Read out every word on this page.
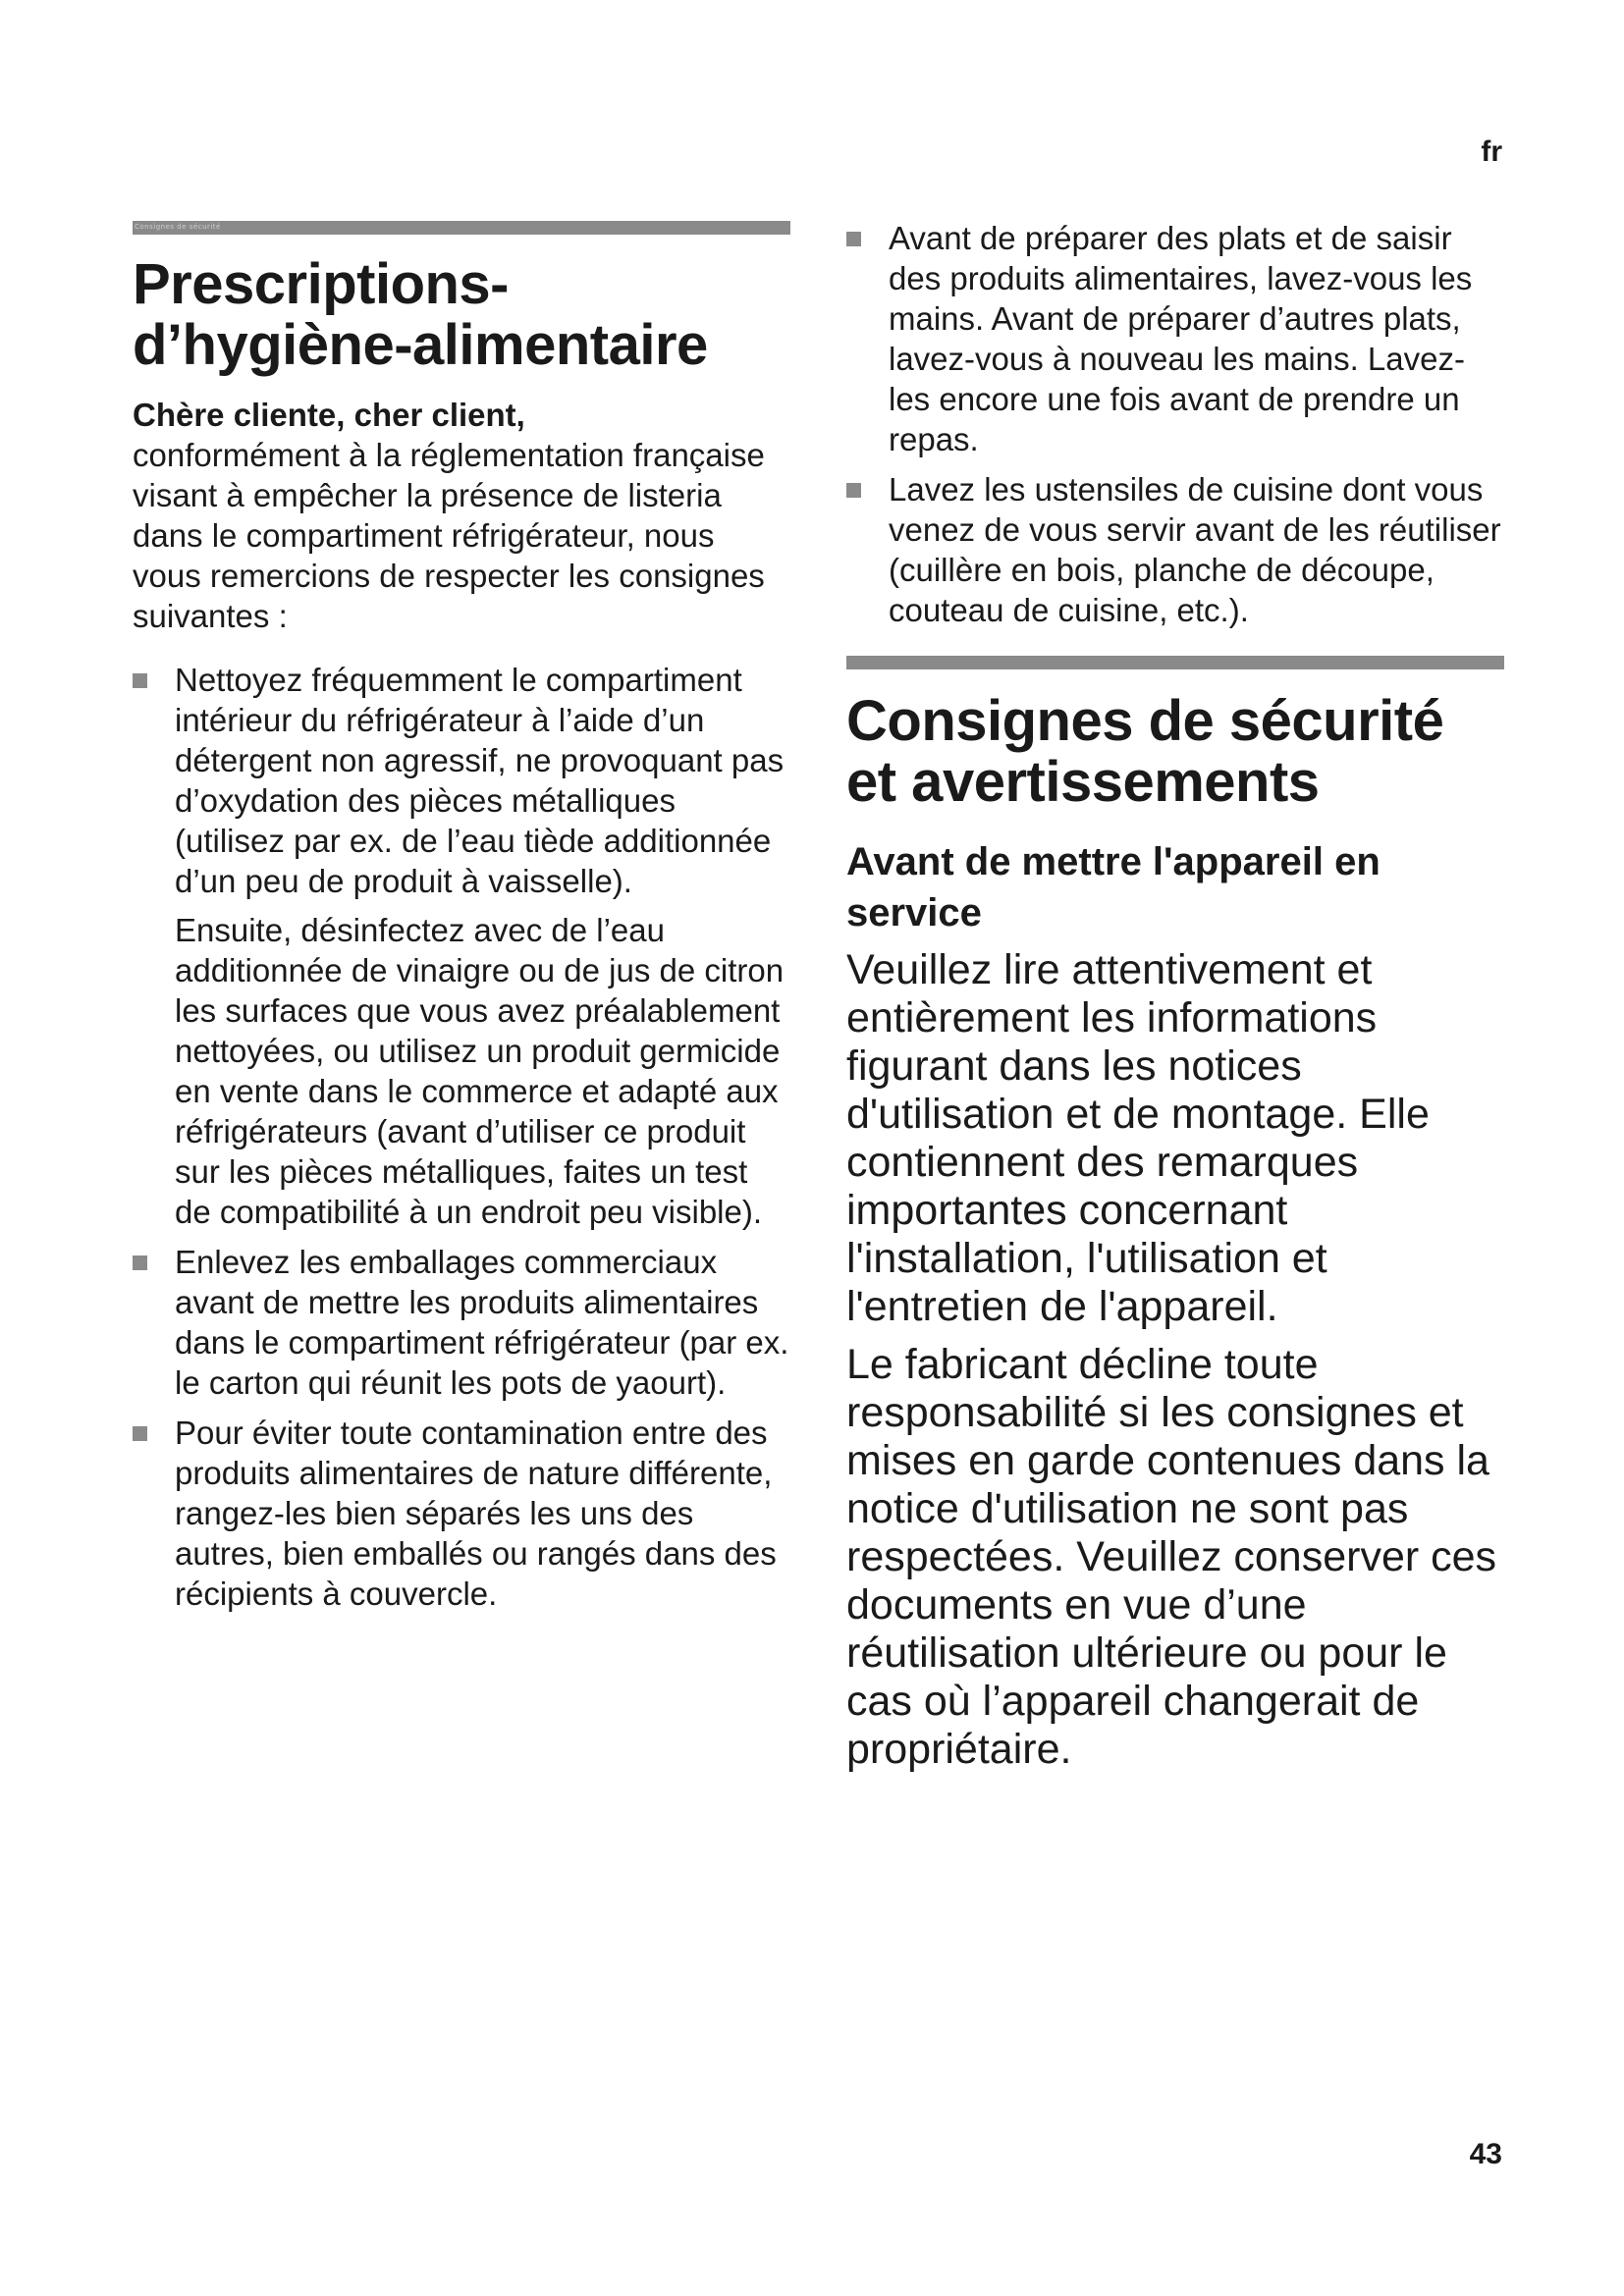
fr
Consignes de sécurité
Prescriptions-
d’hygiène-alimentaire
Chère cliente, cher client,
conformément à la réglementation française visant à empêcher la présence de listeria dans le compartiment réfrigérateur, nous vous remercions de respecter les consignes suivantes :

Nettoyez fréquemment le compartiment intérieur du réfrigérateur à l’aide d’un détergent non agressif, ne provoquant pas d’oxydation des pièces métalliques (utilisez par ex. de l’eau tiède additionnée d’un peu de produit à vaisselle).

Ensuite, désinfectez avec de l’eau additionnée de vinaigre ou de jus de citron les surfaces que vous avez préalablement nettoyées, ou utilisez un produit germicide en vente dans le commerce et adapté aux réfrigérateurs (avant d’utiliser ce produit sur les pièces métalliques, faites un test de compatibilité à un endroit peu visible).

Enlevez les emballages commerciaux avant de mettre les produits alimentaires dans le compartiment réfrigérateur (par ex. le carton qui réunit les pots de yaourt).

Pour éviter toute contamination entre des produits alimentaires de nature différente, rangez-les bien séparés les uns des autres, bien emballés ou rangés dans des récipients à couvercle.

Avant de préparer des plats et de saisir des produits alimentaires, lavez-vous les mains. Avant de préparer d’autres plats, lavez-vous à nouveau les mains. Lavez-les encore une fois avant de prendre un repas.

Lavez les ustensiles de cuisine dont vous venez de vous servir avant de les réutiliser (cuillère en bois, planche de découpe, couteau de cuisine, etc.).

Consignes de sécurité et avertissements
Avant de mettre l'appareil en service

Veuillez lire attentivement et entièrement les informations figurant dans les notices d'utilisation et de montage. Elle contiennent des remarques importantes concernant l'installation, l'utilisation et l'entretien de l'appareil.

Le fabricant décline toute responsabilité si les consignes et mises en garde contenues dans la notice d'utilisation ne sont pas respectées. Veuillez conserver ces documents en vue d’une réutilisation ultérieure ou pour le cas où l’appareil changerait de propriétaire.

43
